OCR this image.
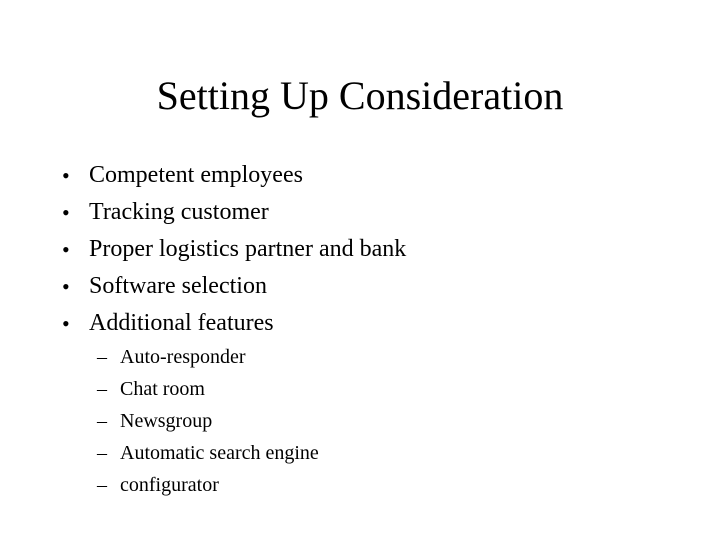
Setting Up Consideration
• Competent employees
• Tracking customer
• Proper logistics partner and bank
• Software selection
• Additional features
– Auto-responder
– Chat room
– Newsgroup
– Automatic search engine
– configurator
